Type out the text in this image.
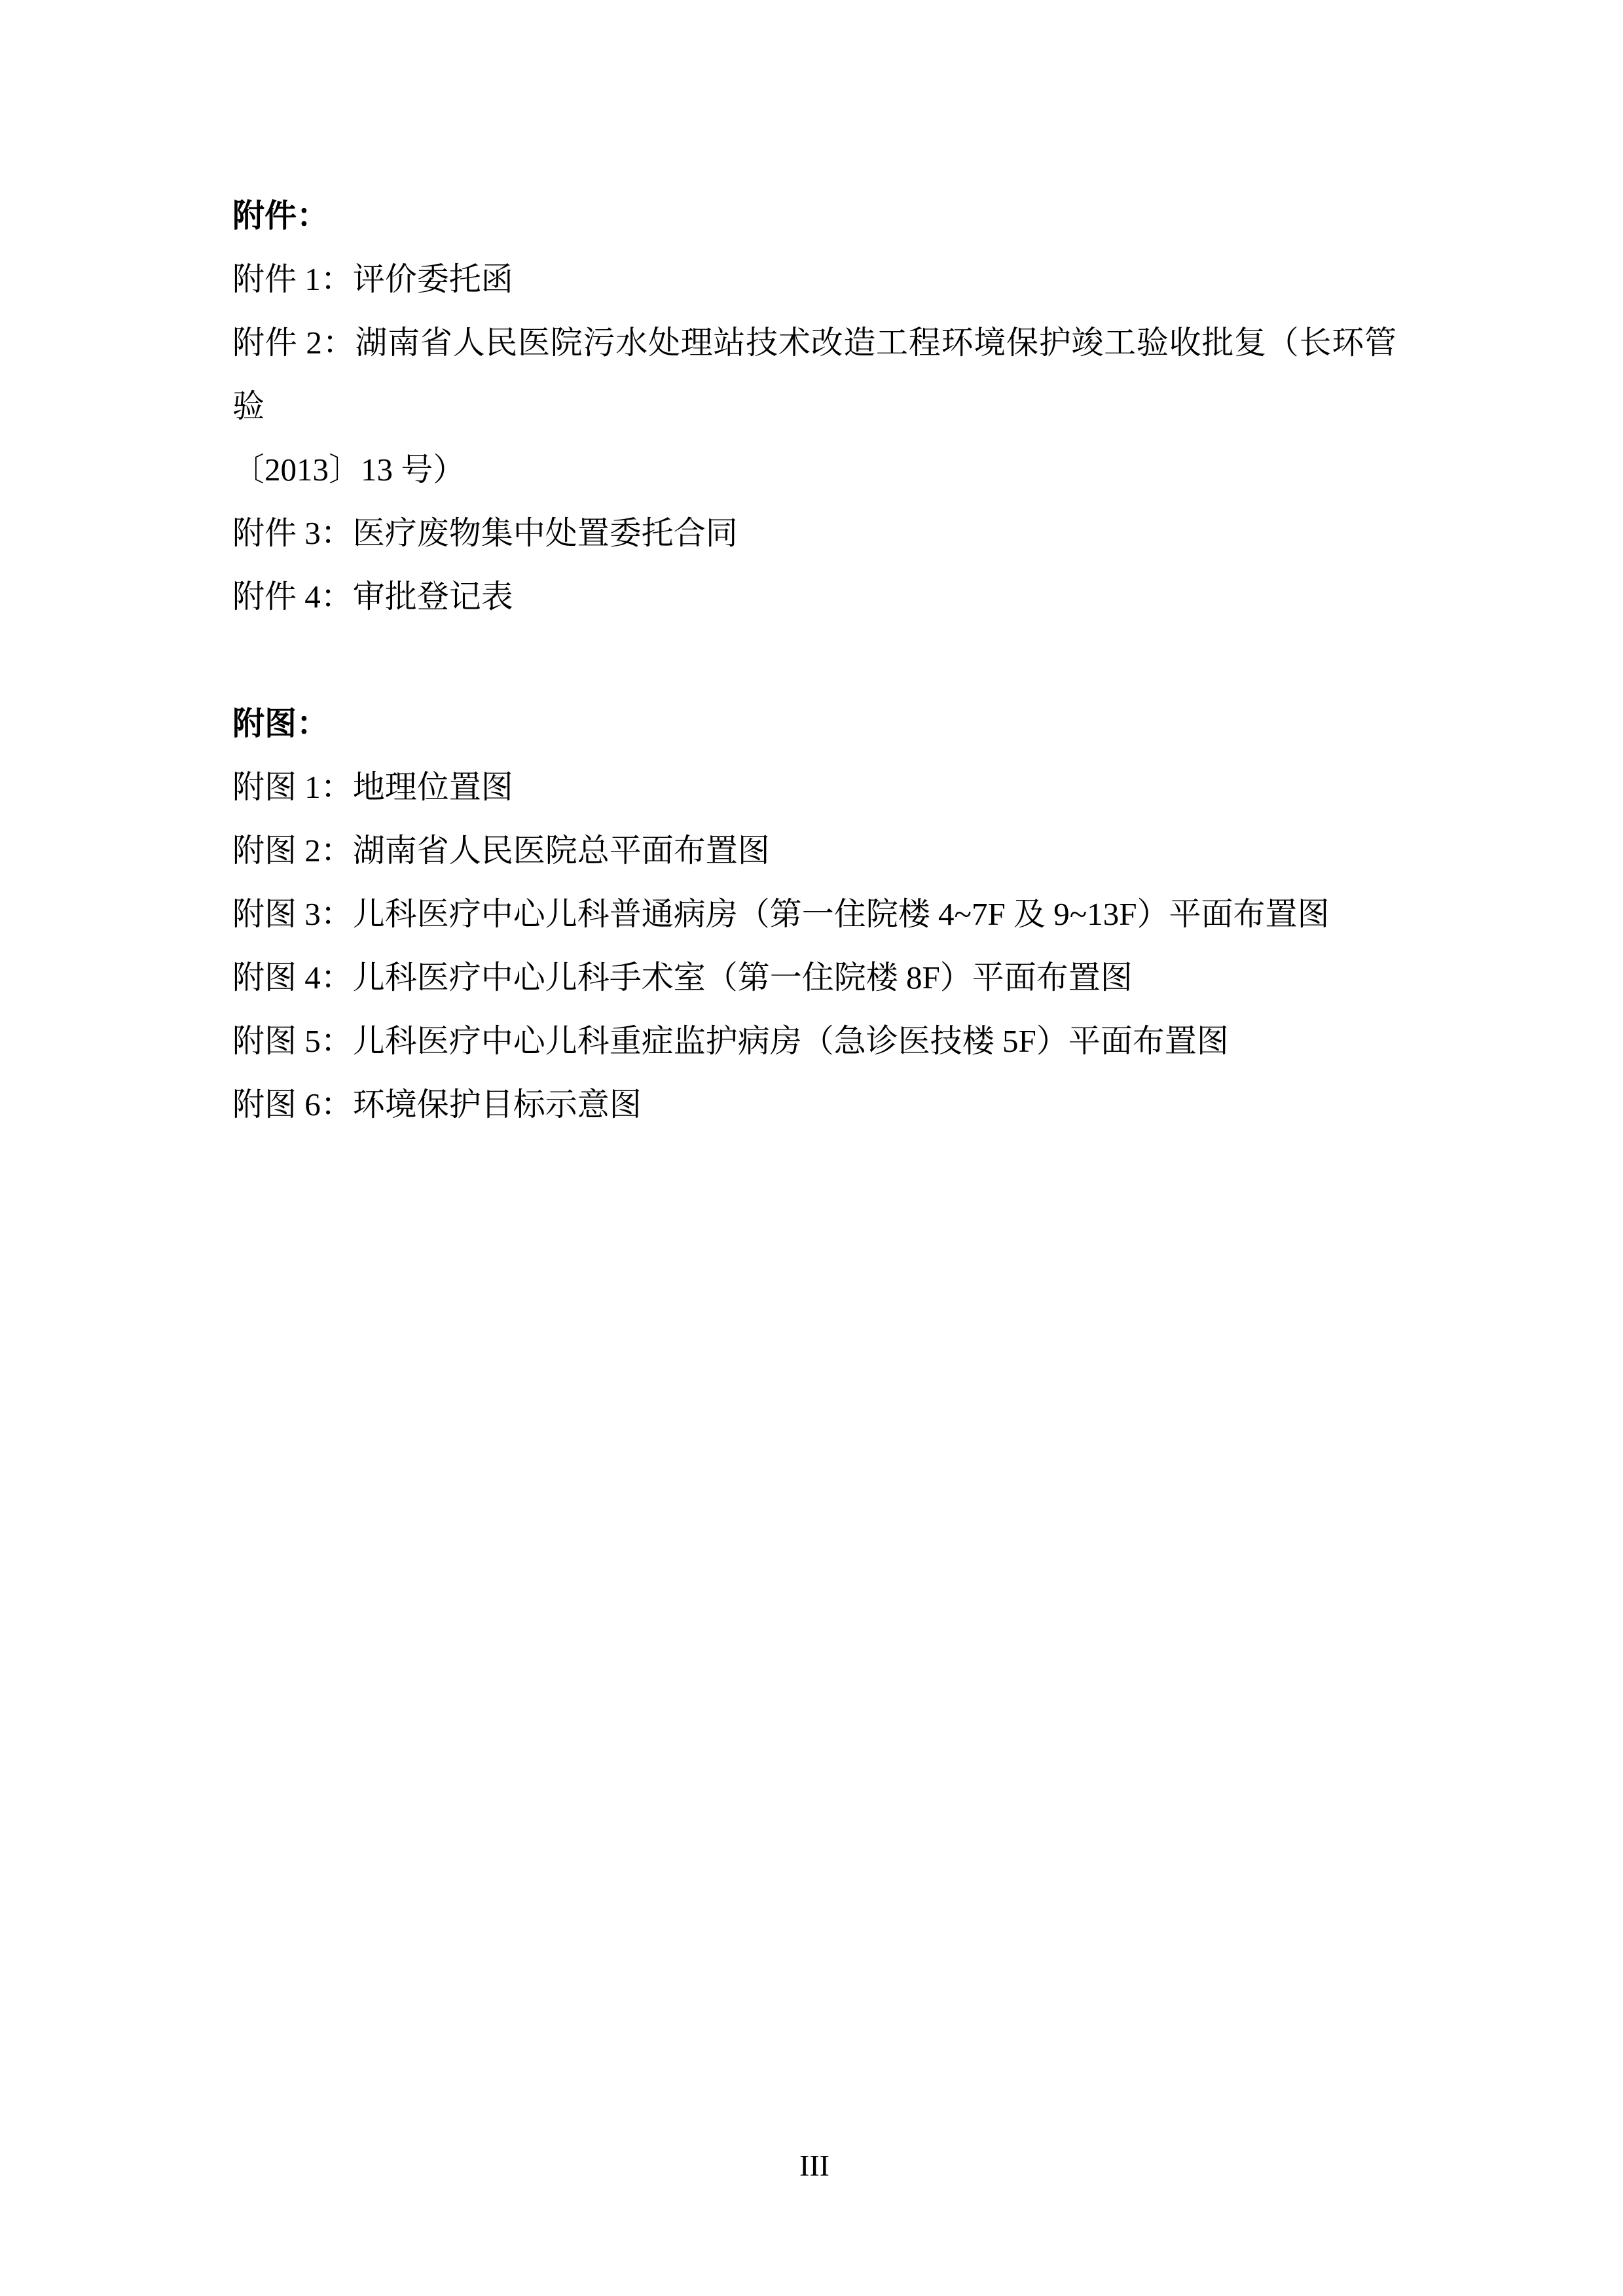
附件：
附件 1：评价委托函
附件 2：湖南省人民医院污水处理站技术改造工程环境保护竣工验收批复（长环管验
〔2013〕13 号）
附件 3：医疗废物集中处置委托合同
附件 4：审批登记表
附图：
附图 1：地理位置图
附图 2：湖南省人民医院总平面布置图
附图 3：儿科医疗中心儿科普通病房（第一住院楼 4~7F 及 9~13F）平面布置图
附图 4：儿科医疗中心儿科手术室（第一住院楼 8F）平面布置图
附图 5：儿科医疗中心儿科重症监护病房（急诊医技楼 5F）平面布置图
附图 6：环境保护目标示意图
III
